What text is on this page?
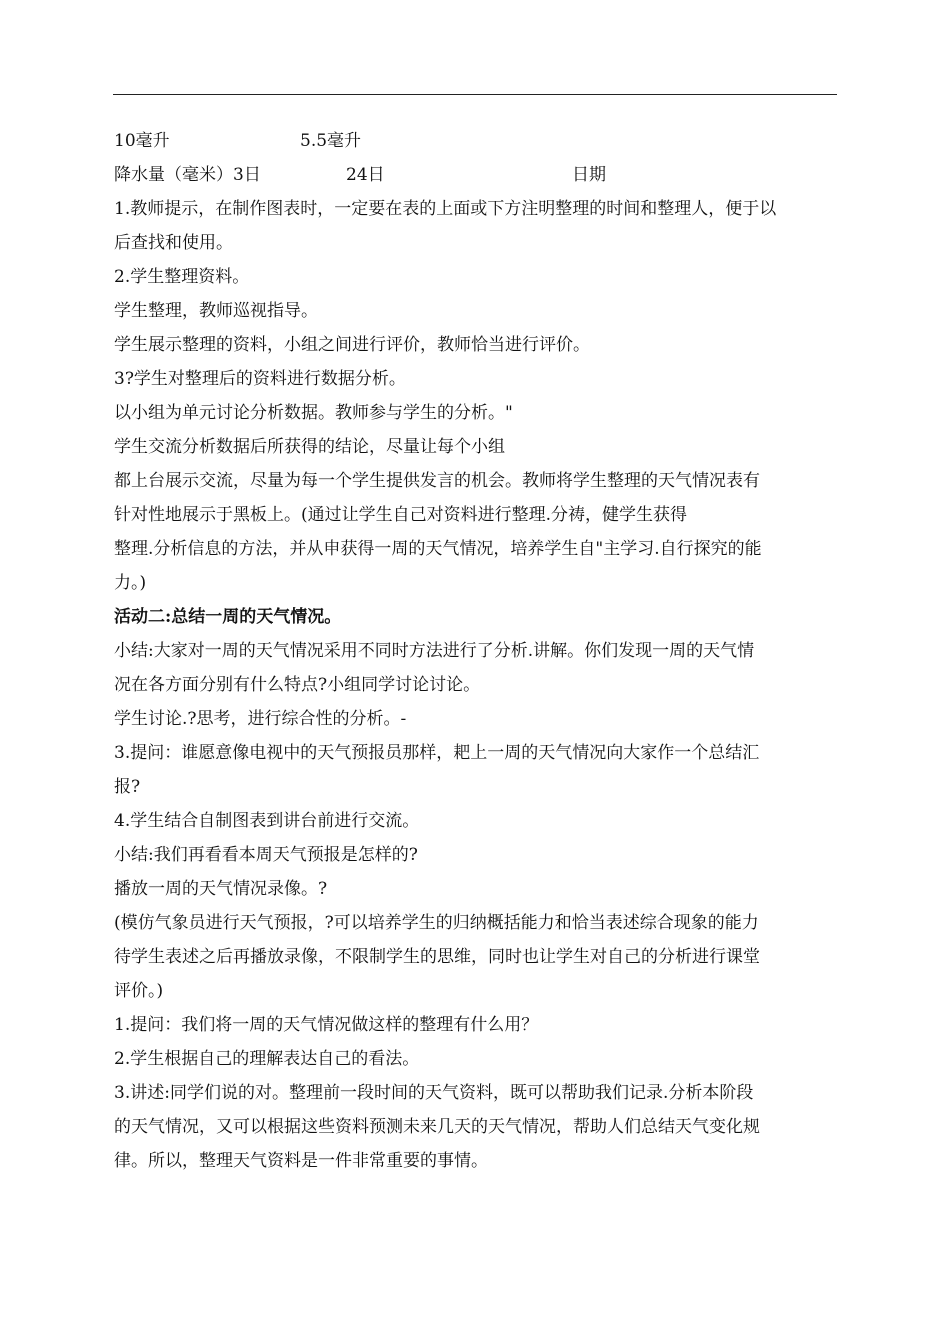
10毫升	5.5毫升
降水量（毫米）3日	24日	日期
1.教师提示，在制作图表时，一定要在表的上面或下方注明整理的时间和整理人，便于以
后查找和使用。
2.学生整理资料。
学生整理，教师巡视指导。
学生展示整理的资料，小组之间进行评价，教师恰当进行评价。
3?学生对整理后的资料进行数据分析。
以小组为单元讨论分析数据。教师参与学生的分析。"
学生交流分析数据后所获得的结论，尽量让每个小组
都上台展示交流，尽量为每一个学生提供发言的机会。教师将学生整理的天气情况表有
针对性地展示于黑板上。(通过让学生自己对资料进行整理.分祷，健学生获得
整理.分析信息的方法，并从申获得一周的天气情况，培养学生自"主学习.自行探究的能
力。)
活动二:总结一周的天气情况。
小结:大家对一周的天气情况采用不同时方法进行了分析.讲解。你们发现一周的天气情
况在各方面分别有什么特点?小组同学讨论讨论。
学生讨论.?思考，进行综合性的分析。-
3.提问：谁愿意像电视中的天气预报员那样，耙上一周的天气情况向大家作一个总结汇
报?
4.学生结合自制图表到讲台前进行交流。
小结:我们再看看本周天气预报是怎样的?
播放一周的天气情况录像。?
(模仿气象员进行天气预报，?可以培养学生的归纳概括能力和恰当表述综合现象的能力
待学生表述之后再播放录像，不限制学生的思维，同时也让学生对自己的分析进行课堂
评价。)
1.提问：我们将一周的天气情况做这样的整理有什么用？
2.学生根据自己的理解表达自己的看法。
3.讲述:同学们说的对。整理前一段时间的天气资料，既可以帮助我们记录.分析本阶段
的天气情况，又可以根据这些资料预测未来几天的天气情况，帮助人们总结天气变化规
律。所以，整理天气资料是一件非常重要的事情。
